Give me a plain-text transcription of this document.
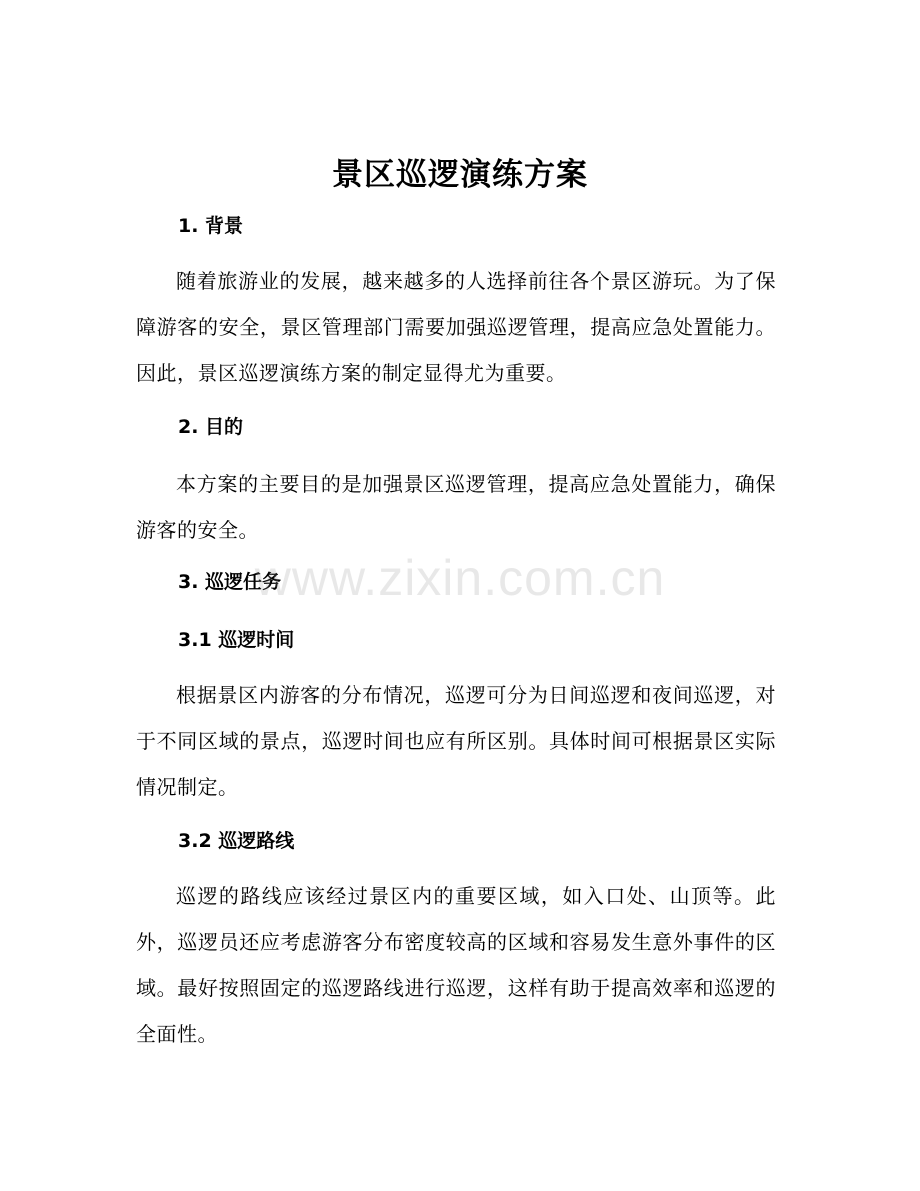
景区巡逻演练方案
1. 背景
随着旅游业的发展，越来越多的人选择前往各个景区游玩。为了保障游客的安全，景区管理部门需要加强巡逻管理，提高应急处置能力。因此，景区巡逻演练方案的制定显得尤为重要。
2. 目的
本方案的主要目的是加强景区巡逻管理，提高应急处置能力，确保游客的安全。
3. 巡逻任务
3.1 巡逻时间
根据景区内游客的分布情况，巡逻可分为日间巡逻和夜间巡逻，对于不同区域的景点，巡逻时间也应有所区别。具体时间可根据景区实际情况制定。
3.2 巡逻路线
巡逻的路线应该经过景区内的重要区域，如入口处、山顶等。此外，巡逻员还应考虑游客分布密度较高的区域和容易发生意外事件的区域。最好按照固定的巡逻路线进行巡逻，这样有助于提高效率和巡逻的全面性。
www.zixin.com.cn
